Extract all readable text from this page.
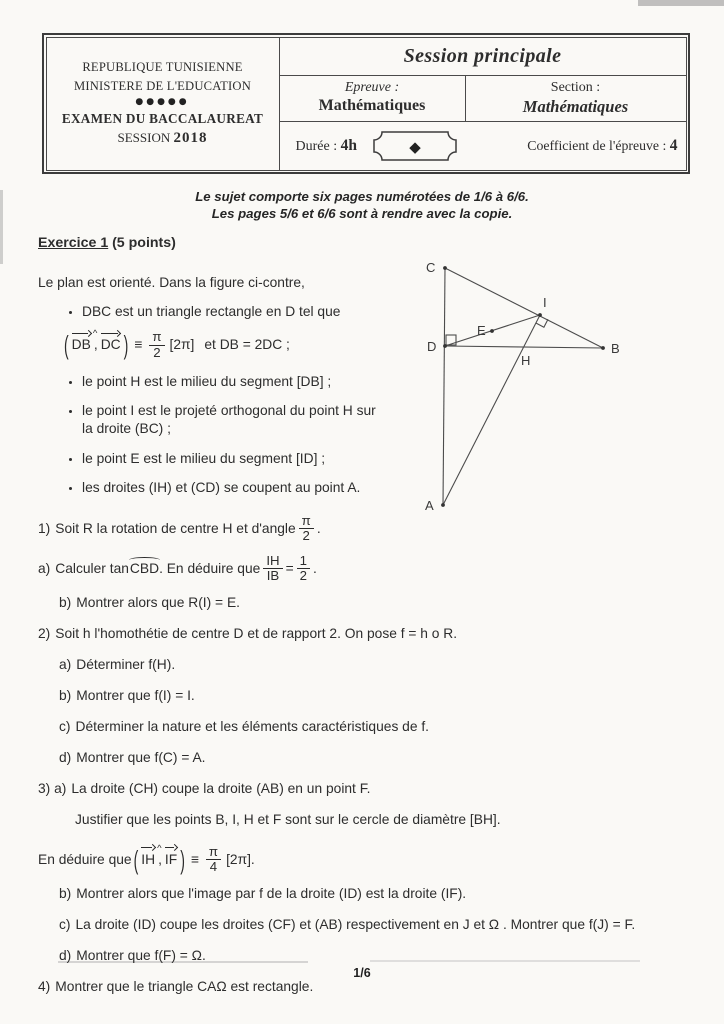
REPUBLIQUE TUNISIENNE
MINISTERE DE L'EDUCATION
●●●●●
EXAMEN DU BACCALAUREAT
SESSION 2018
Session principale
Epreuve :
Mathématiques
Section :
Mathématiques
Durée : 4h	◆	Coefficient de l'épreuve : 4
Le sujet comporte six pages numérotées de 1/6 à 6/6.
Les pages 5/6 et 6/6 sont à rendre avec la copie.
Exercice 1 (5 points)
Le plan est orienté. Dans la figure ci-contre,
• DBC est un triangle rectangle en D tel que
( DB
^
, DC ) ≡ $\frac{\pi}{2} [2\pi]$ et DB = 2DC ;
• le point H est le milieu du segment [DB] ;
• le point I est le projeté orthogonal du point H sur
la droite (BC) ;
• le point E est le milieu du segment [ID] ;
• les droites (IH) et (CD) se coupent au point A.
1) Soit R la rotation de centre H et d'angle $\frac{\pi}{2}$ .
a) Calculer
tan CBD . En déduire que $\frac{IH}{IB} = \frac{1}{2}$ .
b) Montrer alors que R(I) = E.
2) Soit h l'homothétie de centre D et de rapport 2. On pose f = h o R.
a) Déterminer f(H).
b) Montrer que f(I) = I.
c) Déterminer la nature et les éléments caractéristiques de f.
d) Montrer que f(C) = A.
3) a) La droite (CH) coupe la droite (AB) en un point F.
Justifier que les points B, I, H et F sont sur le cercle de diamètre [BH].
En déduire que ( IH
^
, IF ) ≡ $\frac{\pi}{4} [2\pi]$ .
b) Montrer alors que l'image par f de la droite (ID) est la droite (IF).
c) La droite (ID) coupe les droites (CF) et (AB) respectivement en J et Ω . Montrer que f(J) = F.
d) Montrer que f(F) = Ω.
4) Montrer que le triangle CAΩ est rectangle.
C
D	B
A
I
E
H
1/6
